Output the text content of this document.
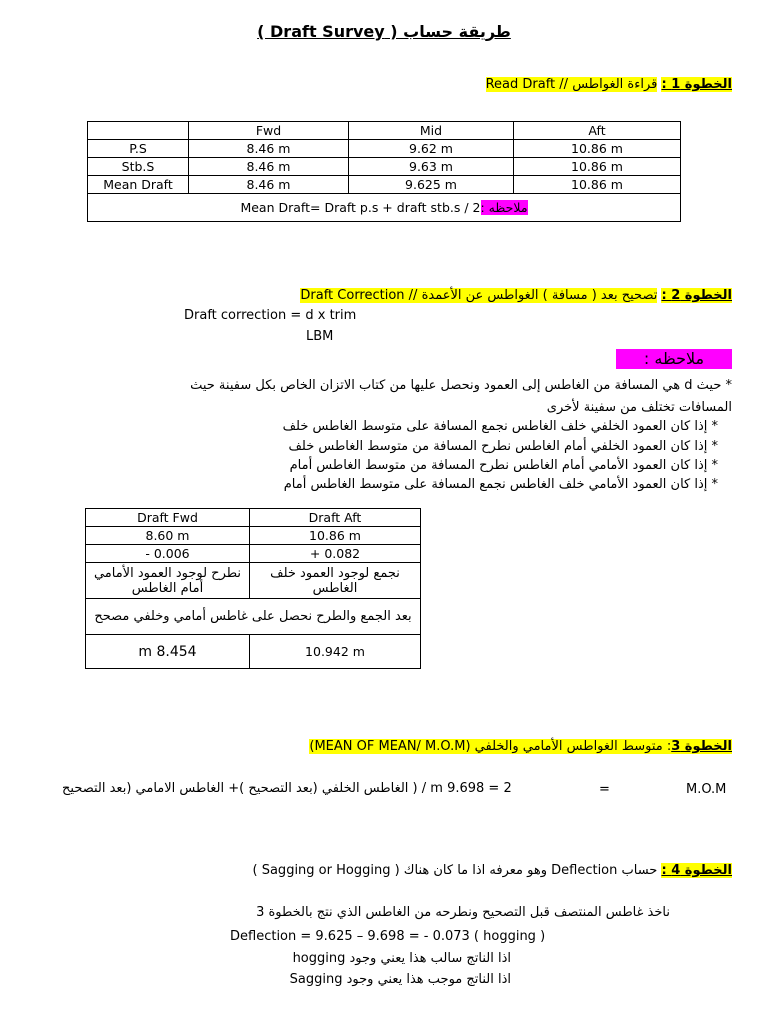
طريقة حساب ( Draft Survey )
الخطوة 1 : قراءة الغواطس // Read Draft
	Fwd	Mid	Aft
P.S	8.46 m	9.62 m	10.86 m
Stb.S	8.46 m	9.63 m	10.86 m
Mean Draft	8.46 m	9.625 m	10.86 m
Mean Draft= Draft p.s + draft stb.s / 2ملاحظه :			
الخطوة 2 : تصحيح بعد ( مسافة ) الغواطس عن الأعمدة // Draft Correction
Draft correction = d x trim
LBM
ملاحظه :
* حيث d هي المسافة من الغاطس إلى العمود ونحصل عليها من كتاب الاتزان الخاص بكل سفينة حيث
المسافات تختلف من سفينة لأخرى
* إذا كان العمود الخلفي خلف الغاطس نجمع المسافة على متوسط الغاطس خلف
* إذا كان العمود الخلفي أمام الغاطس نطرح المسافة من متوسط الغاطس خلف
* إذا كان العمود الأمامي أمام الغاطس نطرح المسافة من متوسط الغاطس أمام
* إذا كان العمود الأمامي خلف الغاطس نجمع المسافة على متوسط الغاطس أمام
Draft Fwd	Draft Aft
8.60 m	10.86 m
- 0.006	+ 0.082
نطرح لوجود العمود الأمامي أمام الغاطس	نجمع لوجود العمود خلف الغاطس
بعد الجمع والطرح نحصل على غاطس أمامي وخلفي مصحح	
m 8.454	10.942 m
الخطوة 3: متوسط الغواطس الأمامي والخلفي (MEAN OF MEAN/ M.O.M)
m 9.698 = 2 / ( الغاطس الخلفي (بعد التصحيح )+ الغاطس الامامي (بعد التصحيح	=	M.O.M
الخطوة 4 : حساب Deflection وهو معرفه اذا ما كان هناك ( Sagging or Hogging )
ناخذ غاطس المنتصف قبل التصحيح ونطرحه من الغاطس الذي نتج بالخطوة 3
Deflection = 9.625 – 9.698 = - 0.073 ( hogging )
اذا الناتج سالب هذا يعني وجود hogging
اذا الناتج موجب هذا يعني وجود Sagging
